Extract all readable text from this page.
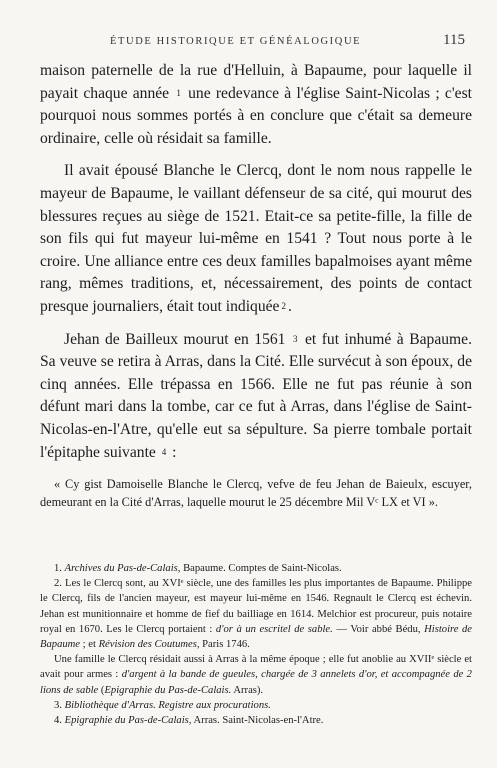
ÉTUDE HISTORIQUE ET GÉNÉALOGIQUE	115

maison paternelle de la rue d'Helluin, à Bapaume, pour laquelle il payait chaque année $^1$ une redevance à l'église Saint-Nicolas ; c'est pourquoi nous sommes portés à en conclure que c'était sa demeure ordinaire, celle où résidait sa famille.

Il avait épousé Blanche le Clercq, dont le nom nous rappelle le mayeur de Bapaume, le vaillant défenseur de sa cité, qui mourut des blessures reçues au siège de 1521. Etait-ce sa petite-fille, la fille de son fils qui fut mayeur lui-même en 1541 ? Tout nous porte à le croire. Une alliance entre ces deux familles bapalmoises ayant même rang, mêmes traditions, et, nécessairement, des points de contact presque journaliers, était tout indiquée $^2$ .

Jehan de Bailleux mourut en 1561 $^3$ et fut inhumé à Bapaume. Sa veuve se retira à Arras, dans la Cité. Elle survécut à son époux, de cinq années. Elle trépassa en 1566. Elle ne fut pas réunie à son défunt mari dans la tombe, car ce fut à Arras, dans l'église de Saint-Nicolas-en-l'Atre, qu'elle eut sa sépulture. Sa pierre tombale portait l'épitaphe suivante $^4$ :

« Cy gist Damoiselle Blanche le Clercq, vefve de feu Jehan de Baieulx, escuyer, demeurant en la Cité d'Arras, laquelle mourut le 25 décembre Mil Vᶜ LX et VI ».

1. Archives du Pas-de-Calais, Bapaume. Comptes de Saint-Nicolas.

2. Les le Clercq sont, au XVIᵉ siècle, une des familles les plus importantes de Bapaume. Philippe le Clercq, fils de l'ancien mayeur, est mayeur lui-même en 1546. Regnault le Clercq est échevin. Jehan est munitionnaire et homme de fief du bailliage en 1614. Melchior est procureur, puis notaire royal en 1670. Les le Clercq portaient : d'or à un escritel de sable. — Voir abbé Bédu, Histoire de Bapaume ; et Révision des Coutumes, Paris 1746.

Une famille le Clercq résidait aussi à Arras à la même époque ; elle fut anoblie au XVIIᵉ siècle et avait pour armes : d'argent à la bande de gueules, chargée de 3 annelets d'or, et accompagnée de 2 lions de sable (Epigraphie du Pas-de-Calais. Arras).

3. Bibliothèque d'Arras. Registre aux procurations.

4. Epigraphie du Pas-de-Calais, Arras. Saint-Nicolas-en-l'Atre.
